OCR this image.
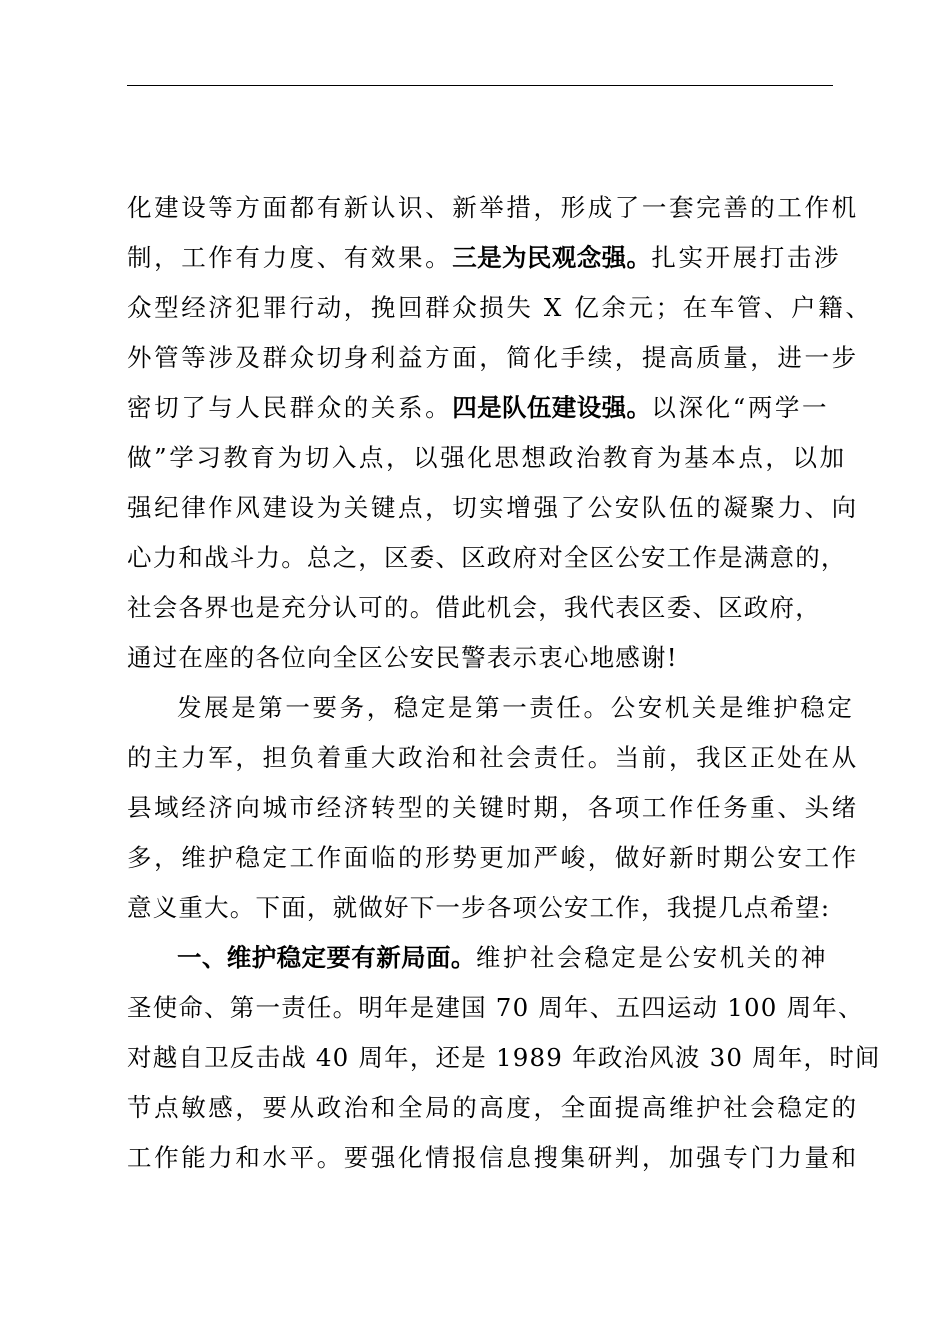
化建设等方面都有新认识、新举措，形成了一套完善的工作机
制，工作有力度、有效果。三是为民观念强。扎实开展打击涉
众型经济犯罪行动，挽回群众损失 X 亿余元；在车管、户籍、
外管等涉及群众切身利益方面，简化手续，提高质量，进一步
密切了与人民群众的关系。四是队伍建设强。以深化“两学一
做”学习教育为切入点，以强化思想政治教育为基本点，以加
强纪律作风建设为关键点，切实增强了公安队伍的凝聚力、向
心力和战斗力。总之，区委、区政府对全区公安工作是满意的，
社会各界也是充分认可的。借此机会，我代表区委、区政府，
通过在座的各位向全区公安民警表示衷心地感谢!
发展是第一要务，稳定是第一责任。公安机关是维护稳定
的主力军，担负着重大政治和社会责任。当前，我区正处在从
县域经济向城市经济转型的关键时期，各项工作任务重、头绪
多，维护稳定工作面临的形势更加严峻，做好新时期公安工作
意义重大。下面，就做好下一步各项公安工作，我提几点希望:
一、维护稳定要有新局面。维护社会稳定是公安机关的神
圣使命、第一责任。明年是建国 70 周年、五四运动 100 周年、
对越自卫反击战 40 周年，还是 1989 年政治风波 30 周年，时间
节点敏感，要从政治和全局的高度，全面提高维护社会稳定的
工作能力和水平。要强化情报信息搜集研判，加强专门力量和
